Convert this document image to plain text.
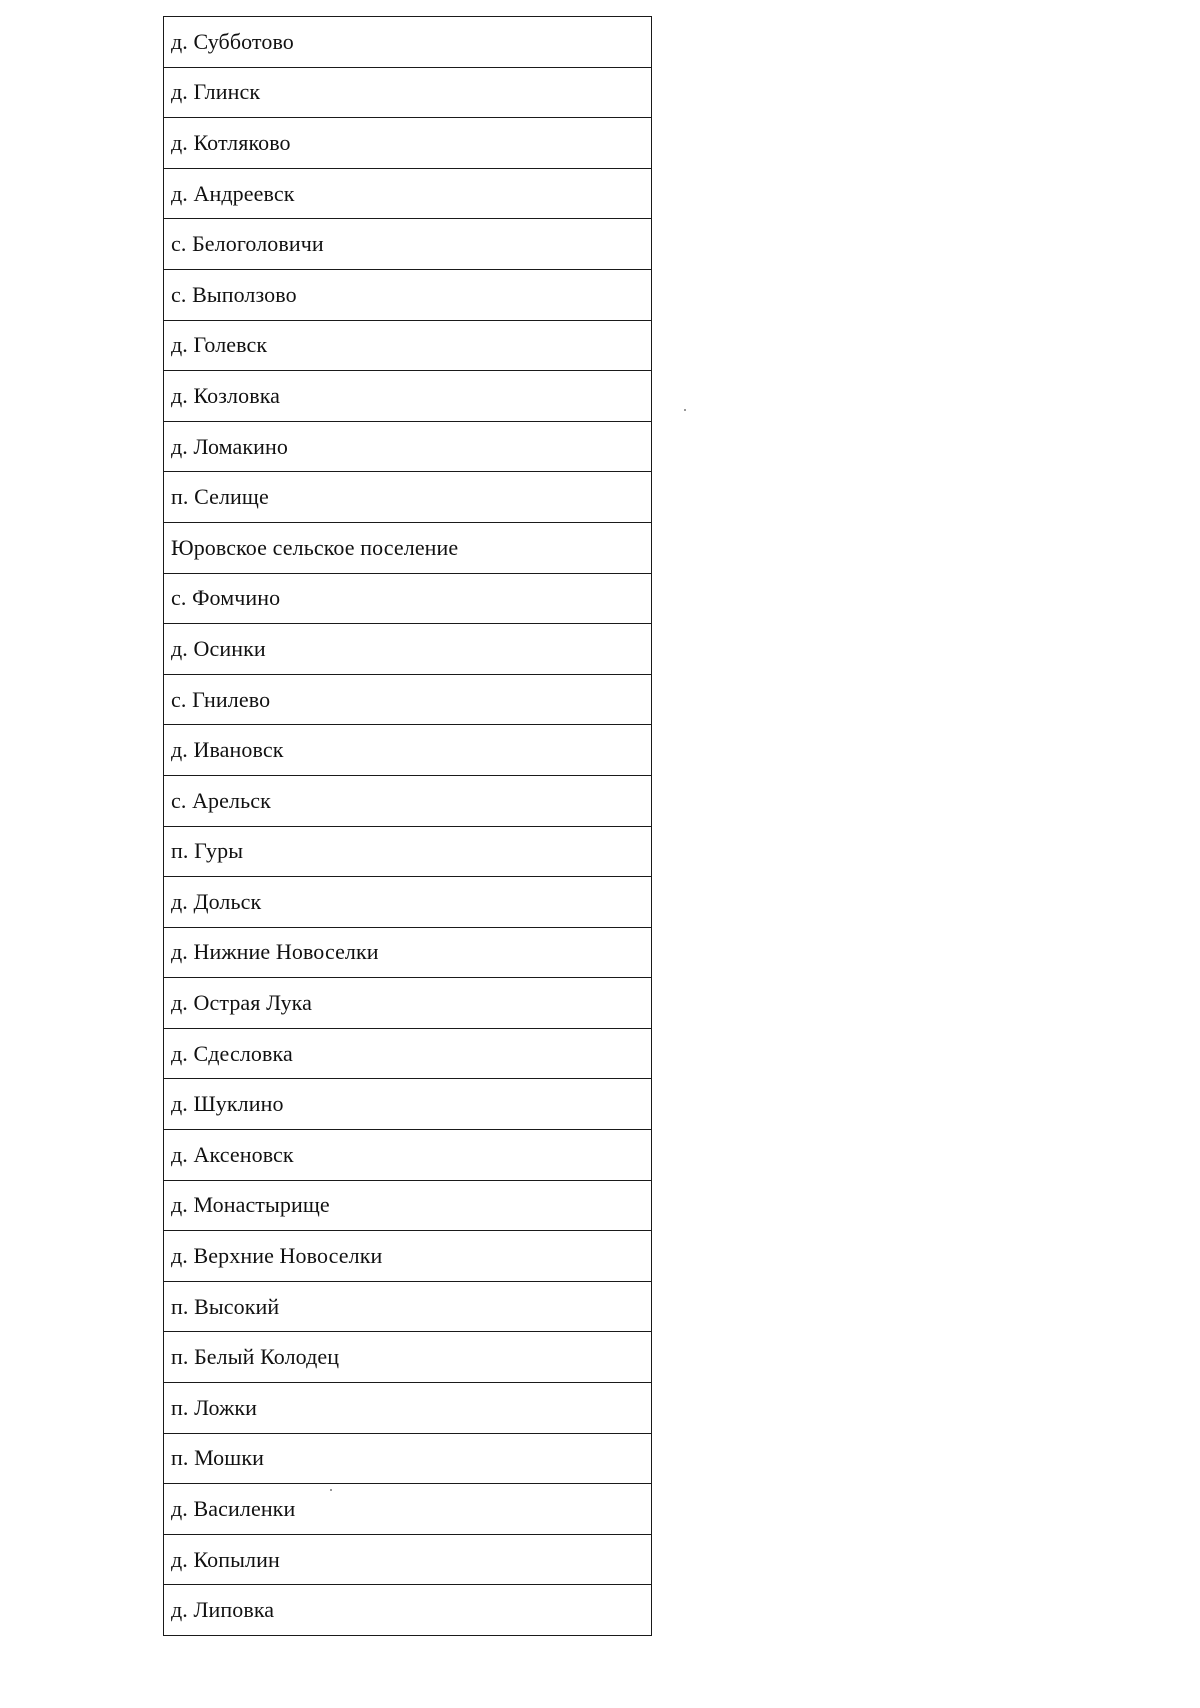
д. Субботово
д. Глинск
д. Котляково
д. Андреевск
с. Белоголовичи
с. Выползово
д. Голевск
д. Козловка
д. Ломакино
п. Селище
Юровское сельское поселение
с. Фомчино
д. Осинки
с. Гнилево
д. Ивановск
с. Арельск
п. Гуры
д. Дольск
д. Нижние Новоселки
д. Острая Лука
д. Сдесловка
д. Шуклино
д. Аксеновск
д. Монастырище
д. Верхние Новоселки
п. Высокий
п. Белый Колодец
п. Ложки
п. Мошки
д. Василенки
д. Копылин
д. Липовка
